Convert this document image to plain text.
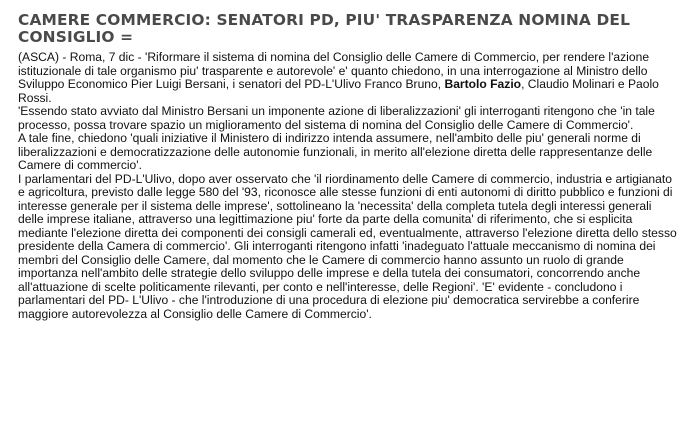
CAMERE COMMERCIO: SENATORI PD, PIU' TRASPARENZA NOMINA DEL
CONSIGLIO =

(ASCA) - Roma, 7 dic - 'Riformare il sistema di nomina del Consiglio delle Camere di Commercio, per rendere l'azione istituzionale di tale organismo piu' trasparente e autorevole' e' quanto chiedono, in una interrogazione al Ministro dello Sviluppo Economico Pier Luigi Bersani, i senatori del PD-L'Ulivo Franco Bruno, Bartolo Fazio, Claudio Molinari e Paolo Rossi.

'Essendo stato avviato dal Ministro Bersani un imponente azione di liberalizzazioni' gli interroganti ritengono che 'in tale processo, possa trovare spazio un miglioramento del sistema di nomina del Consiglio delle Camere di Commercio'.

A tale fine, chiedono 'quali iniziative il Ministero di indirizzo intenda assumere, nell'ambito delle piu' generali norme di liberalizzazioni e democratizzazione delle autonomie funzionali, in merito all'elezione diretta delle rappresentanze delle Camere di commercio'.

I parlamentari del PD-L'Ulivo, dopo aver osservato che 'il riordinamento delle Camere di commercio, industria e artigianato e agricoltura, previsto dalle legge 580 del '93, riconosce alle stesse funzioni di enti autonomi di diritto pubblico e funzioni di interesse generale per il sistema delle imprese', sottolineano la 'necessita' della completa tutela degli interessi generali delle imprese italiane, attraverso una legittimazione piu' forte da parte della comunita' di riferimento, che si esplicita mediante l'elezione diretta dei componenti dei consigli camerali ed, eventualmente, attraverso l'elezione diretta dello stesso presidente della Camera di commercio'. Gli interroganti ritengono infatti 'inadeguato l'attuale meccanismo di nomina dei membri del Consiglio delle Camere, dal momento che le Camere di commercio hanno assunto un ruolo di grande importanza nell'ambito delle strategie dello sviluppo delle imprese e della tutela dei consumatori, concorrendo anche all'attuazione di scelte politicamente rilevanti, per conto e nell'interesse, delle Regioni'. 'E' evidente - concludono i parlamentari del PD- L'Ulivo - che l'introduzione di una procedura di elezione piu' democratica servirebbe a conferire maggiore autorevolezza al Consiglio delle Camere di Commercio'.
